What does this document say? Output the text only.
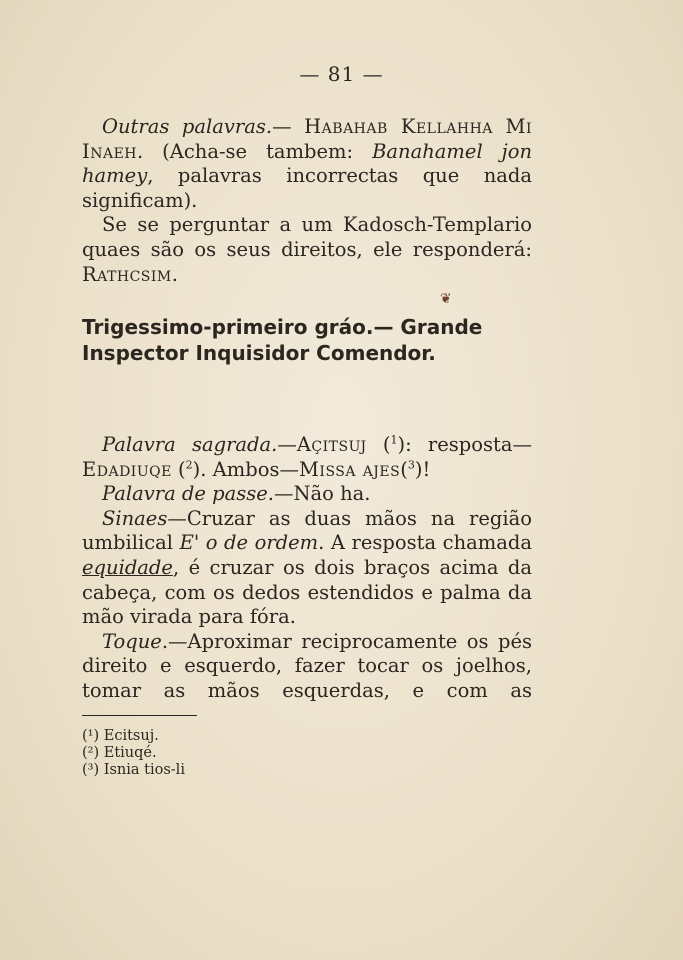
— 81 —

Outras palavras.— Habahab Kellahha Mi Inaeh. (Acha-se tambem: Banahamel jon hamey, palavras incorrectas que nada significam).

Se se perguntar a um Kadosch-Templario quaes são os seus direitos, ele responderá: Rathcsim.

❦

Trigessimo-primeiro gráo.— Grande Inspector Inquisidor Comendor.

Palavra sagrada.—Açitsuj ($^1$): resposta—Edadiuqe ($^2$). Ambos—Missa ajes($^3$)!

Palavra de passe.—Não ha.

Sinaes—Cruzar as duas mãos na região umbilical E' o de ordem. A resposta chamada equidade, é cruzar os dois braços acima da cabeça, com os dedos estendidos e palma da mão virada para fóra.

Toque.—Aproximar reciprocamente os pés direito e esquerdo, fazer tocar os joelhos, tomar as mãos esquerdas, e com as

(¹) Ecitsuj.
(²) Etiuqé.
(³) Isnia tios-li
